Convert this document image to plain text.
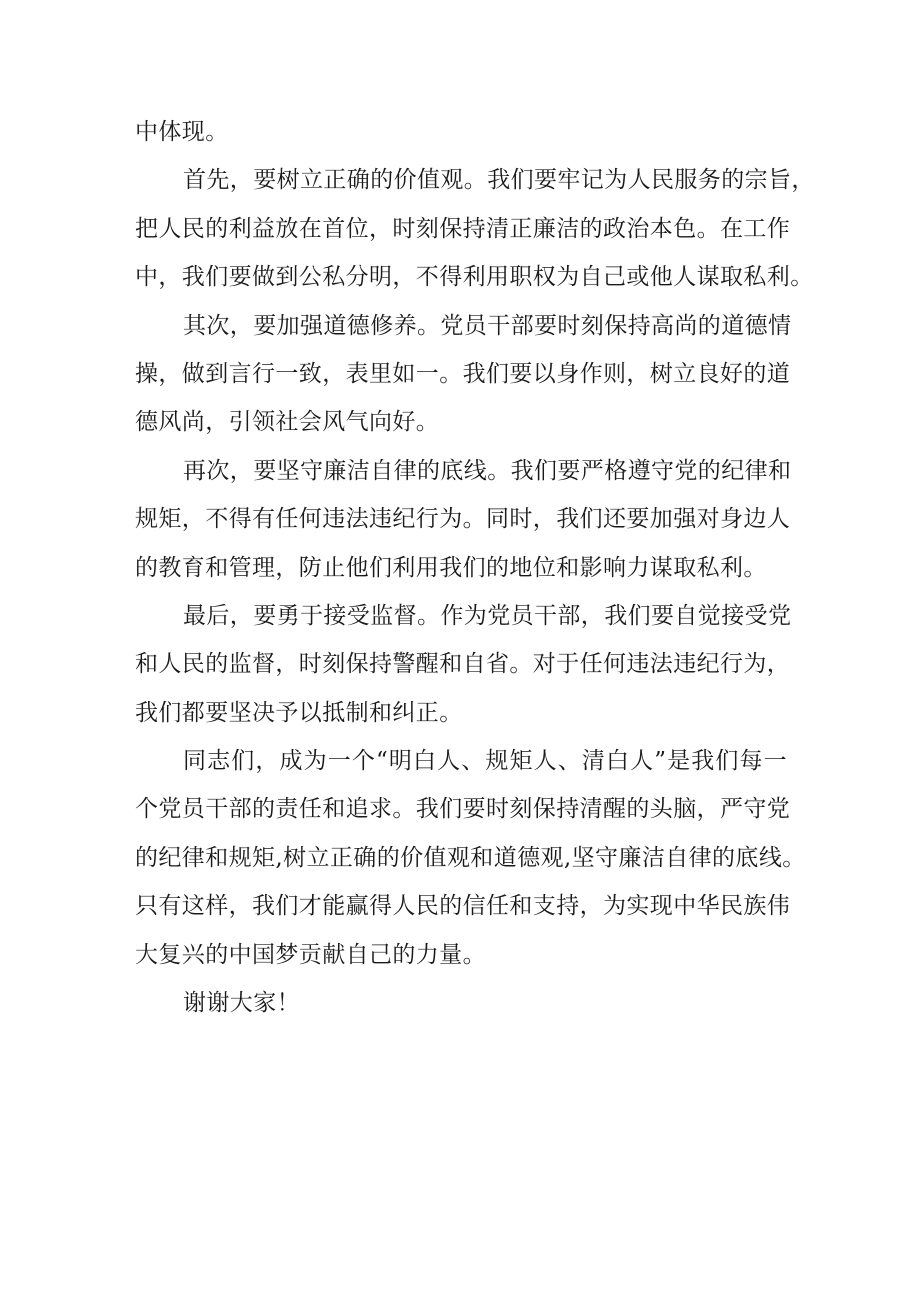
中体现。

首先，要树立正确的价值观。我们要牢记为人民服务的宗旨，
把人民的利益放在首位，时刻保持清正廉洁的政治本色。在工作
中，我们要做到公私分明，不得利用职权为自己或他人谋取私利。

其次，要加强道德修养。党员干部要时刻保持高尚的道德情
操，做到言行一致，表里如一。我们要以身作则，树立良好的道
德风尚，引领社会风气向好。

再次，要坚守廉洁自律的底线。我们要严格遵守党的纪律和
规矩，不得有任何违法违纪行为。同时，我们还要加强对身边人
的教育和管理，防止他们利用我们的地位和影响力谋取私利。

最后，要勇于接受监督。作为党员干部，我们要自觉接受党
和人民的监督，时刻保持警醒和自省。对于任何违法违纪行为，
我们都要坚决予以抵制和纠正。

同志们，成为一个“明白人、规矩人、清白人”是我们每一
个党员干部的责任和追求。我们要时刻保持清醒的头脑，严守党
的纪律和规矩,树立正确的价值观和道德观,坚守廉洁自律的底线。
只有这样，我们才能赢得人民的信任和支持，为实现中华民族伟
大复兴的中国梦贡献自己的力量。

谢谢大家！
